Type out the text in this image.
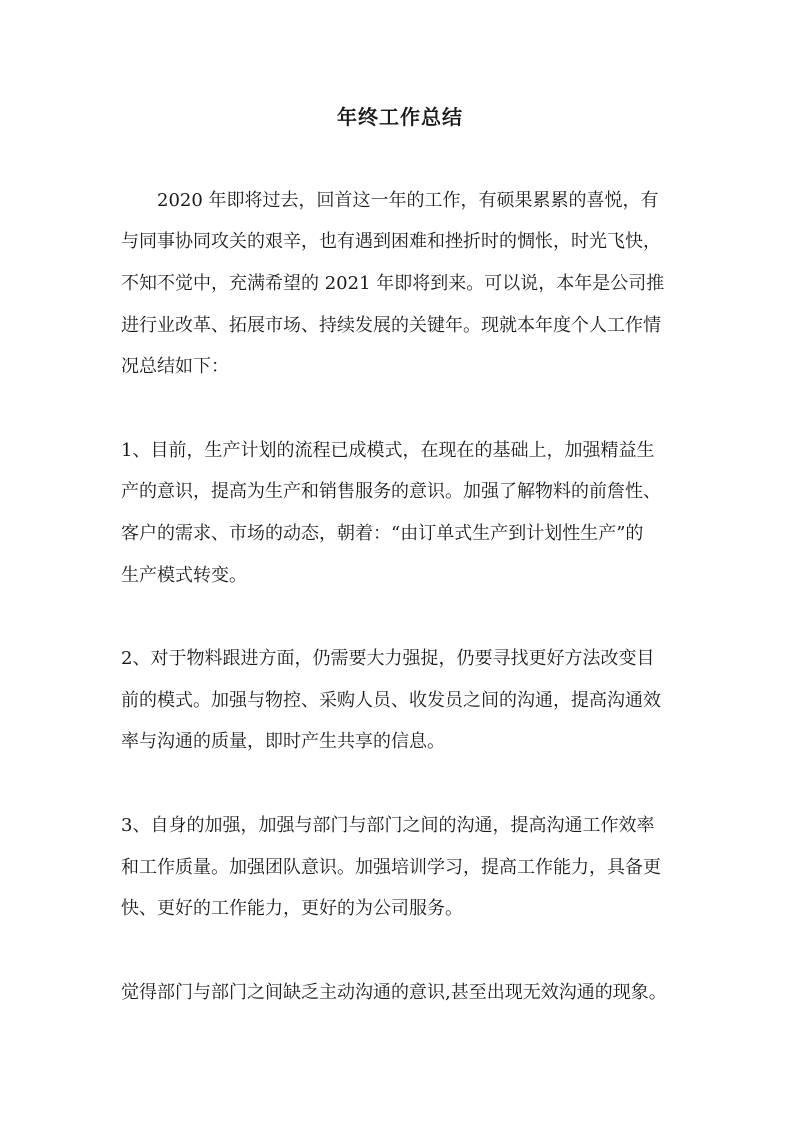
年终工作总结
2020 年即将过去，回首这一年的工作，有硕果累累的喜悦，有
与同事协同攻关的艰辛，也有遇到困难和挫折时的惆怅，时光飞快，
不知不觉中，充满希望的 2021 年即将到来。可以说，本年是公司推
进行业改革、拓展市场、持续发展的关键年。现就本年度个人工作情
况总结如下：
1、目前，生产计划的流程已成模式，在现在的基础上，加强精益生
产的意识，提高为生产和销售服务的意识。加强了解物料的前詹性、
客户的需求、市场的动态，朝着：“由订单式生产到计划性生产”的
生产模式转变。
2、对于物料跟进方面，仍需要大力强捉，仍要寻找更好方法改变目
前的模式。加强与物控、采购人员、收发员之间的沟通，提高沟通效
率与沟通的质量，即时产生共享的信息。
3、自身的加强，加强与部门与部门之间的沟通，提高沟通工作效率
和工作质量。加强团队意识。加强培训学习，提高工作能力，具备更
快、更好的工作能力，更好的为公司服务。
觉得部门与部门之间缺乏主动沟通的意识,甚至出现无效沟通的现象。
